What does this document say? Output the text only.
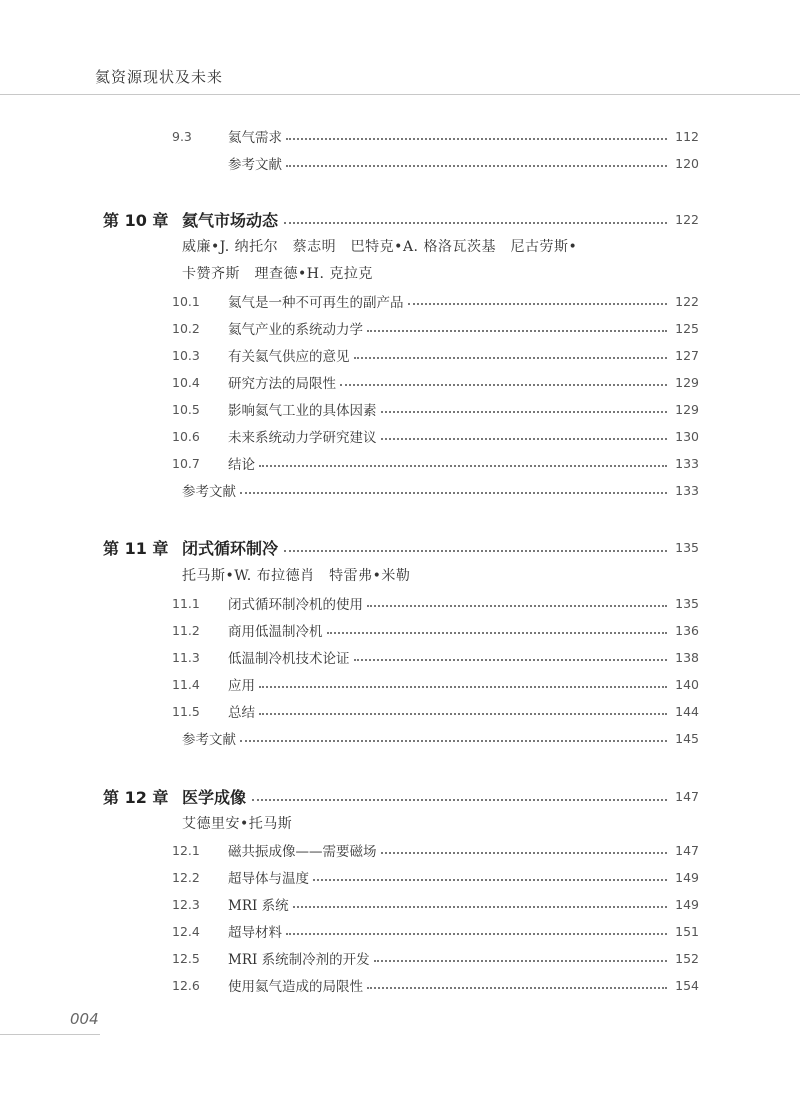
氦资源现状及未来
9.3	氦气需求	112
参考文献	120
第 10 章 氦气市场动态	122
威廉•J. 纳托尔　蔡志明　巴特克•A. 格洛瓦茨基　尼古劳斯•
卡赞齐斯　理查德•H. 克拉克
10.1	氦气是一种不可再生的副产品	122
10.2	氦气产业的系统动力学	125
10.3	有关氦气供应的意见	127
10.4	研究方法的局限性	129
10.5	影响氦气工业的具体因素	129
10.6	未来系统动力学研究建议	130
10.7	结论	133
参考文献	133
第 11 章 闭式循环制冷	135
托马斯•W. 布拉德肖　特雷弗•米勒
11.1	闭式循环制冷机的使用	135
11.2	商用低温制冷机	136
11.3	低温制冷机技术论证	138
11.4	应用	140
11.5	总结	144
参考文献	145
第 12 章 医学成像	147
艾德里安•托马斯
12.1	磁共振成像——需要磁场	147
12.2	超导体与温度	149
12.3	MRI 系统	149
12.4	超导材料	151
12.5	MRI 系统制冷剂的开发	152
12.6	使用氦气造成的局限性	154
004
